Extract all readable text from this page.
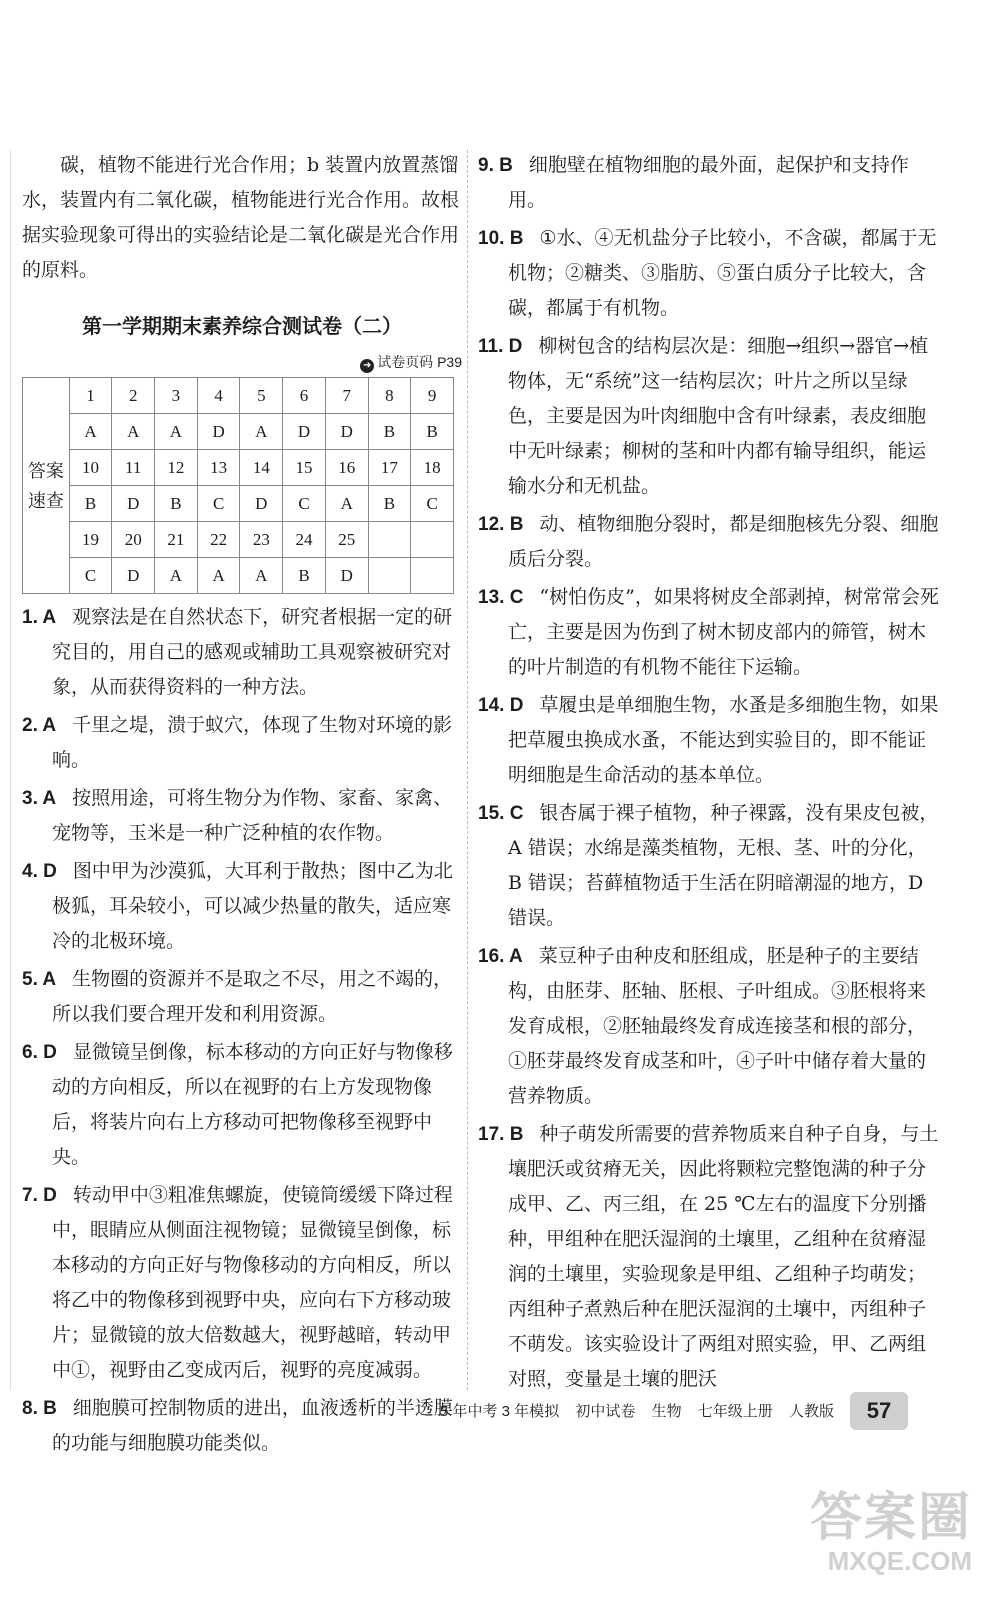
碳，植物不能进行光合作用；b 装置内放置蒸馏水，装置内有二氧化碳，植物能进行光合作用。故根据实验现象可得出的实验结论是二氧化碳是光合作用的原料。

第一学期期末素养综合测试卷（二）
➜ 试卷页码 P39
答案速查	1	2	3	4	5	6	7	8	9
	A	A	A	D	A	D	D	B	B
	10	11	12	13	14	15	16	17	18
	B	D	B	C	D	C	A	B	C
	19	20	21	22	23	24	25		
	C	D	A	A	A	B	D		

1. A 观察法是在自然状态下，研究者根据一定的研究目的，用自己的感观或辅助工具观察被研究对象，从而获得资料的一种方法。

2. A 千里之堤，溃于蚁穴，体现了生物对环境的影响。

3. A 按照用途，可将生物分为作物、家畜、家禽、宠物等，玉米是一种广泛种植的农作物。

4. D 图中甲为沙漠狐，大耳利于散热；图中乙为北极狐，耳朵较小，可以减少热量的散失，适应寒冷的北极环境。

5. A 生物圈的资源并不是取之不尽，用之不竭的，所以我们要合理开发和利用资源。

6. D 显微镜呈倒像，标本移动的方向正好与物像移动的方向相反，所以在视野的右上方发现物像后，将装片向右上方移动可把物像移至视野中央。

7. D 转动甲中③粗准焦螺旋，使镜筒缓缓下降过程中，眼睛应从侧面注视物镜；显微镜呈倒像，标本移动的方向正好与物像移动的方向相反，所以将乙中的物像移到视野中央，应向右下方移动玻片；显微镜的放大倍数越大，视野越暗，转动甲中①，视野由乙变成丙后，视野的亮度减弱。

8. B 细胞膜可控制物质的进出，血液透析的半透膜的功能与细胞膜功能类似。

9. B 细胞壁在植物细胞的最外面，起保护和支持作用。

10. B ①水、④无机盐分子比较小，不含碳，都属于无机物；②糖类、③脂肪、⑤蛋白质分子比较大，含碳，都属于有机物。

11. D 柳树包含的结构层次是：细胞→组织→器官→植物体，无“系统”这一结构层次；叶片之所以呈绿色，主要是因为叶肉细胞中含有叶绿素，表皮细胞中无叶绿素；柳树的茎和叶内都有输导组织，能运输水分和无机盐。

12. B 动、植物细胞分裂时，都是细胞核先分裂、细胞质后分裂。

13. C “树怕伤皮”，如果将树皮全部剥掉，树常常会死亡，主要是因为伤到了树木韧皮部内的筛管，树木的叶片制造的有机物不能往下运输。

14. D 草履虫是单细胞生物，水蚤是多细胞生物，如果把草履虫换成水蚤，不能达到实验目的，即不能证明细胞是生命活动的基本单位。

15. C 银杏属于裸子植物，种子裸露，没有果皮包被，A 错误；水绵是藻类植物，无根、茎、叶的分化，B 错误；苔藓植物适于生活在阴暗潮湿的地方，D 错误。

16. A 菜豆种子由种皮和胚组成，胚是种子的主要结构，由胚芽、胚轴、胚根、子叶组成。③胚根将来发育成根，②胚轴最终发育成连接茎和根的部分，①胚芽最终发育成茎和叶，④子叶中储存着大量的营养物质。

17. B 种子萌发所需要的营养物质来自种子自身，与土壤肥沃或贫瘠无关，因此将颗粒完整饱满的种子分成甲、乙、丙三组，在 25 ℃左右的温度下分别播种，甲组种在肥沃湿润的土壤里，乙组种在贫瘠湿润的土壤里，实验现象是甲组、乙组种子均萌发；丙组种子煮熟后种在肥沃湿润的土壤中，丙组种子不萌发。该实验设计了两组对照实验，甲、乙两组对照，变量是土壤的肥沃

5 年中考 3 年模拟 初中试卷 生物 七年级上册 人教版	57
答案圈
MXQE.COM
